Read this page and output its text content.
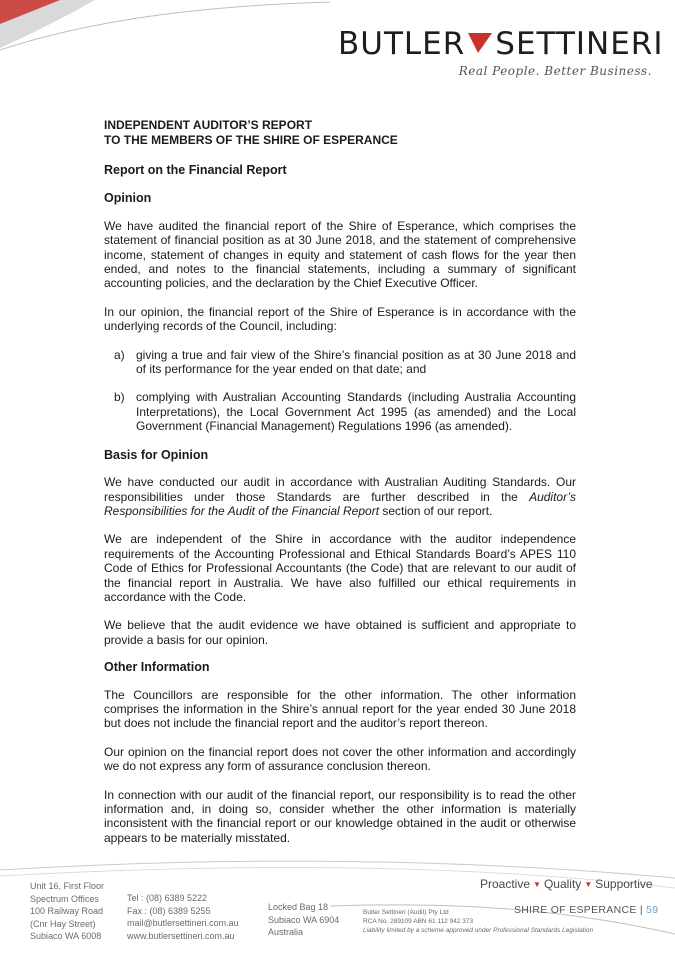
BUTLER SETTINERI
Real People. Better Business.
INDEPENDENT AUDITOR’S REPORT
TO THE MEMBERS OF THE SHIRE OF ESPERANCE
Report on the Financial Report
Opinion

We have audited the financial report of the Shire of Esperance, which comprises the statement of financial position as at 30 June 2018, and the statement of comprehensive income, statement of changes in equity and statement of cash flows for the year then ended, and notes to the financial statements, including a summary of significant accounting policies, and the declaration by the Chief Executive Officer.

In our opinion, the financial report of the Shire of Esperance is in accordance with the underlying records of the Council, including:

a) giving a true and fair view of the Shire’s financial position as at 30 June 2018 and of its performance for the year ended on that date; and
b) complying with Australian Accounting Standards (including Australia Accounting Interpretations), the Local Government Act 1995 (as amended) and the Local Government (Financial Management) Regulations 1996 (as amended).
Basis for Opinion

We have conducted our audit in accordance with Australian Auditing Standards. Our responsibilities under those Standards are further described in the Auditor’s Responsibilities for the Audit of the Financial Report section of our report.

We are independent of the Shire in accordance with the auditor independence requirements of the Accounting Professional and Ethical Standards Board’s APES 110 Code of Ethics for Professional Accountants (the Code) that are relevant to our audit of the financial report in Australia. We have also fulfilled our ethical requirements in accordance with the Code.

We believe that the audit evidence we have obtained is sufficient and appropriate to provide a basis for our opinion.

Other Information

The Councillors are responsible for the other information. The other information comprises the information in the Shire’s annual report for the year ended 30 June 2018 but does not include the financial report and the auditor’s report thereon.

Our opinion on the financial report does not cover the other information and accordingly we do not express any form of assurance conclusion thereon.

In connection with our audit of the financial report, our responsibility is to read the other information and, in doing so, consider whether the other information is materially inconsistent with the financial report or our knowledge obtained in the audit or otherwise appears to be materially misstated.

Proactive ▼ Quality ▼ Supportive
Unit 16, First Floor
Spectrum Offices
100 Railway Road
(Cnr Hay Street)
Subiaco WA 6008
Tel : (08) 6389 5222
Fax : (08) 6389 5255
mail@butlersettineri.com.au
www.butlersettineri.com.au
Locked Bag 18
Subiaco WA 6904
Australia
Butler Settineri (Audit) Pty Ltd
RCA No. 289109 ABN 61 112 942 373
Liability limited by a scheme approved under Professional Standards Legislation
SHIRE OF ESPERANCE | 59
